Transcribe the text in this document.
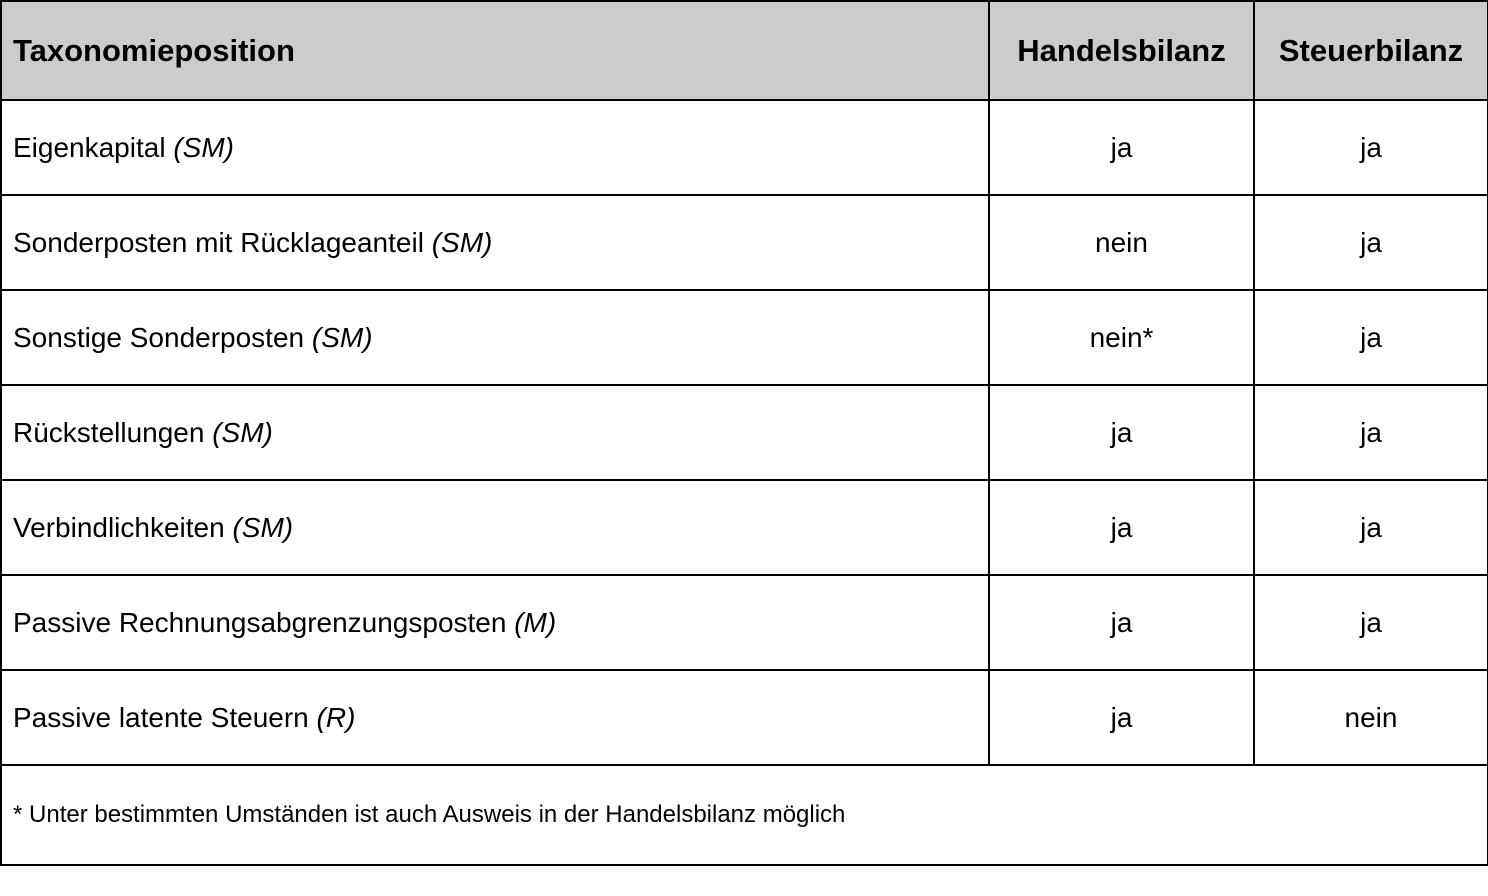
Taxonomieposition	Handelsbilanz	Steuerbilanz
Eigenkapital (SM)	ja	ja
Sonderposten mit Rücklageanteil (SM)	nein	ja
Sonstige Sonderposten (SM)	nein*	ja
Rückstellungen (SM)	ja	ja
Verbindlichkeiten (SM)	ja	ja
Passive Rechnungsabgrenzungsposten (M)	ja	ja
Passive latente Steuern (R)	ja	nein
* Unter bestimmten Umständen ist auch Ausweis in der Handelsbilanz möglich		
